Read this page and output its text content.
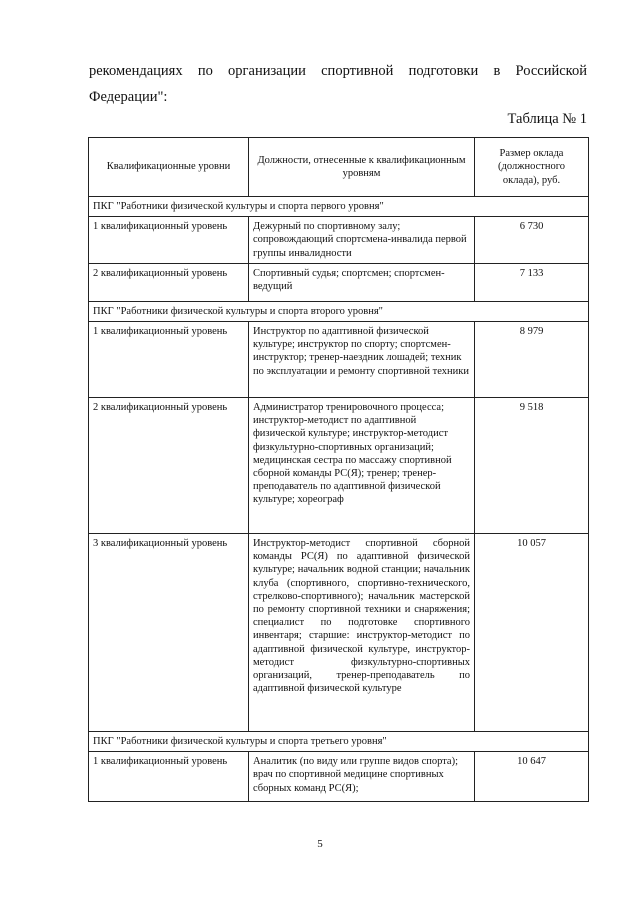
рекомендациях по организации спортивной подготовки в Российской Федерации":
Таблица № 1
Квалификационные уровни	Должности, отнесенные к квалификационным уровням	Размер оклада (должностного оклада), руб.
ПКГ "Работники физической культуры и спорта первого уровня"		
1 квалификационный уровень	Дежурный по спортивному залу; сопровождающий спортсмена-инвалида первой группы инвалидности	6 730
2 квалификационный уровень	Спортивный судья; спортсмен; спортсмен-ведущий	7 133
ПКГ "Работники физической культуры и спорта второго уровня"		
1 квалификационный уровень	Инструктор по адаптивной физической культуре; инструктор по спорту; спортсмен-инструктор; тренер-наездник лошадей; техник по эксплуатации и ремонту спортивной техники	8 979
2 квалификационный уровень	Администратор тренировочного процесса; инструктор-методист по адаптивной физической культуре; инструктор-методист физкультурно-спортивных организаций; медицинская сестра по массажу спортивной сборной команды РС(Я); тренер; тренер-преподаватель по адаптивной физической культуре; хореограф	9 518
3 квалификационный уровень	Инструктор-методист спортивной сборной команды РС(Я) по адаптивной физической культуре; начальник водной станции; начальник клуба (спортивного, спортивно-технического, стрелково-спортивного); начальник мастерской по ремонту спортивной техники и снаряжения; специалист по подготовке спортивного инвентаря; старшие: инструктор-методист по адаптивной физической культуре, инструктор-методист физкультурно-спортивных организаций, тренер-преподаватель по адаптивной физической культуре	10 057
ПКГ "Работники физической культуры и спорта третьего уровня"		
1 квалификационный уровень	Аналитик (по виду или группе видов спорта); врач по спортивной медицине спортивных сборных команд РС(Я);	10 647
5
